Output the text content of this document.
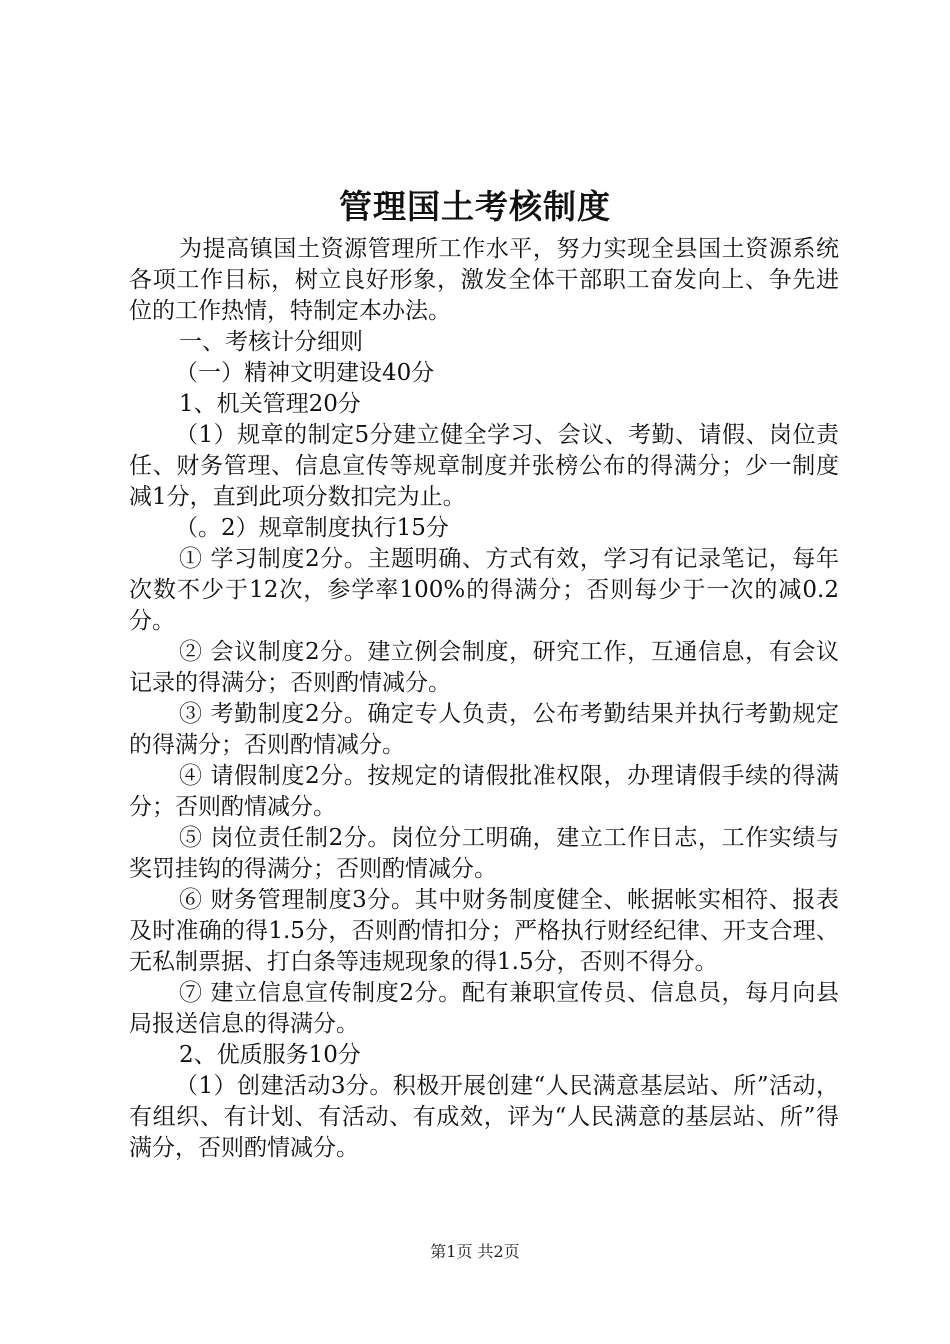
管理国土考核制度

为提高镇国土资源管理所工作水平，努力实现全县国土资源系统各项工作目标，树立良好形象，激发全体干部职工奋发向上、争先进位的工作热情，特制定本办法。

一、考核计分细则

（一）精神文明建设40分

1、机关管理20分

（1）规章的制定5分建立健全学习、会议、考勤、请假、岗位责任、财务管理、信息宣传等规章制度并张榜公布的得满分；少一制度减1分，直到此项分数扣完为止。

（。2）规章制度执行15分

① 学习制度2分。主题明确、方式有效，学习有记录笔记，每年次数不少于12次，参学率100%的得满分；否则每少于一次的减0.2分。

② 会议制度2分。建立例会制度，研究工作，互通信息，有会议记录的得满分；否则酌情减分。

③ 考勤制度2分。确定专人负责，公布考勤结果并执行考勤规定的得满分；否则酌情减分。

④ 请假制度2分。按规定的请假批准权限，办理请假手续的得满分；否则酌情减分。

⑤ 岗位责任制2分。岗位分工明确，建立工作日志，工作实绩与奖罚挂钩的得满分；否则酌情减分。

⑥ 财务管理制度3分。其中财务制度健全、帐据帐实相符、报表及时准确的得1.5分，否则酌情扣分；严格执行财经纪律、开支合理、无私制票据、打白条等违规现象的得1.5分，否则不得分。

⑦ 建立信息宣传制度2分。配有兼职宣传员、信息员，每月向县局报送信息的得满分。

2、优质服务10分

（1）创建活动3分。积极开展创建“人民满意基层站、所”活动，有组织、有计划、有活动、有成效，评为“人民满意的基层站、所”得满分，否则酌情减分。

第1页 共2页
